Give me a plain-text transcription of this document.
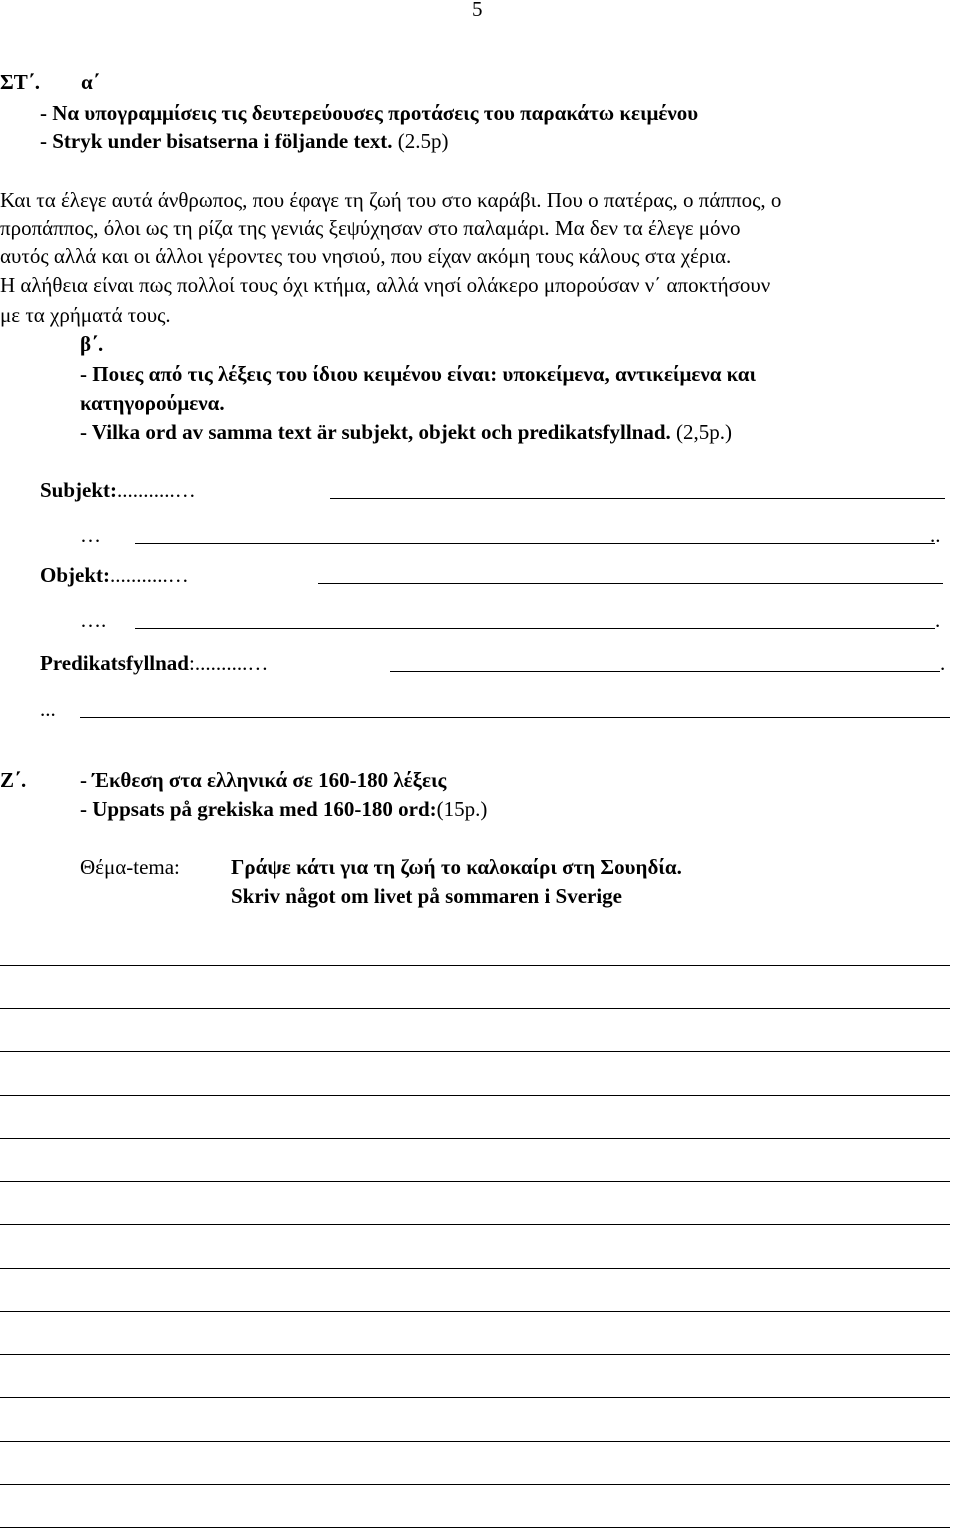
5
ΣΤ΄. α΄
- Να υπογραμμίσεις τις δευτερεύουσες προτάσεις του παρακάτω κειμένου
- Stryk under bisatserna i följande text. (2.5p)
Και τα έλεγε αυτά άνθρωπος, που έφαγε τη ζωή του στο καράβι. Που ο πατέρας, ο πάππος, ο
προπάππος, όλοι ως τη ρίζα της γενιάς ξεψύχησαν στο παλαμάρι. Μα δεν τα έλεγε μόνο
αυτός αλλά και οι άλλοι γέροντες του νησιού, που είχαν ακόμη τους κάλους στα χέρια.
Η αλήθεια είναι πως πολλοί τους όχι κτήμα, αλλά νησί ολάκερο μπορούσαν ν΄ αποκτήσουν
με τα χρήματά τους.
β΄.
- Ποιες από τις λέξεις του ίδιου κειμένου είναι: υποκείμενα, αντικείμενα και
κατηγορούμενα.
- Vilka ord av samma text är subjekt, objekt och predikatsfyllnad. (2,5p.)
Subjekt:...........…
…	..
Objekt:...........…
….	.
Predikatsfyllnad:..........…	.
...
Ζ΄.	- Έκθεση στα ελληνικά σε 160-180 λέξεις
- Uppsats på grekiska med 160-180 ord:(15p.)
Θέμα-tema: Γράψε κάτι για τη ζωή το καλοκαίρι στη Σουηδία.
Skriv något om livet på sommaren i Sverige
